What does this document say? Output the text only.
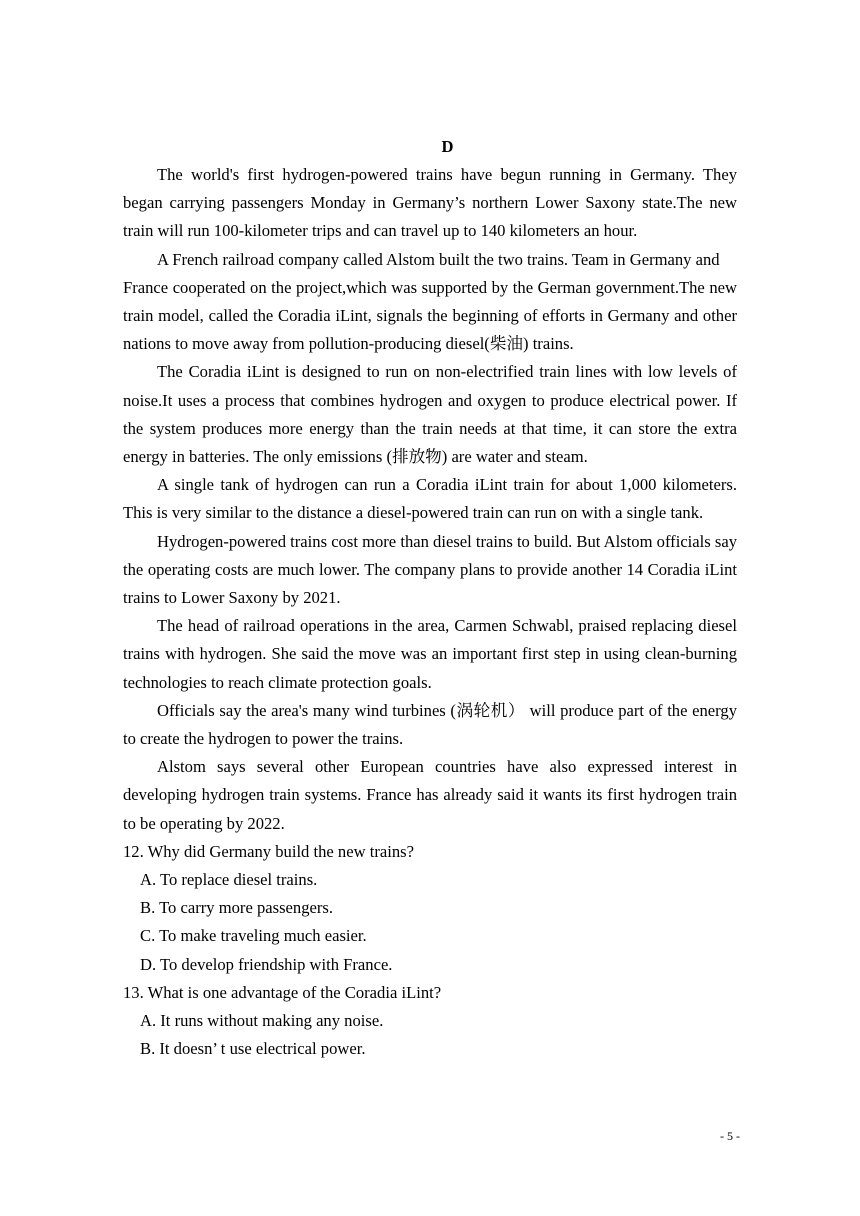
D

The world's first hydrogen-powered trains have begun running in Germany. They began carrying passengers Monday in Germany’s northern Lower Saxony state.The new train will run 100-kilometer trips and can travel up to 140 kilometers an hour.

A French railroad company called Alstom built the two trains. Team in Germany and

France cooperated on the project,which was supported by the German government.The new train model, called the Coradia iLint, signals the beginning of efforts in Germany and other nations to move away from pollution-producing diesel(柴油) trains.

The Coradia iLint is designed to run on non-electrified train lines with low levels of noise.It uses a process that combines hydrogen and oxygen to produce electrical power. If the system produces more energy than the train needs at that time, it can store the extra energy in batteries. The only emissions (排放物) are water and steam.

A single tank of hydrogen can run a Coradia iLint train for about 1,000 kilometers. This is very similar to the distance a diesel-powered train can run on with a single tank.

Hydrogen-powered trains cost more than diesel trains to build. But Alstom officials say the operating costs are much lower. The company plans to provide another 14 Coradia iLint trains to Lower Saxony by 2021.

The head of railroad operations in the area, Carmen Schwabl, praised replacing diesel trains with hydrogen. She said the move was an important first step in using clean-burning technologies to reach climate protection goals.

Officials say the area's many wind turbines (涡轮机） will produce part of the energy to create the hydrogen to power the trains.

Alstom says several other European countries have also expressed interest in developing hydrogen train systems. France has already said it wants its first hydrogen train to be operating by 2022.

12. Why did Germany build the new trains?

A. To replace diesel trains.

B. To carry more passengers.

C. To make traveling much easier.

D. To develop friendship with France.

13. What is one advantage of the Coradia iLint?

A. It runs without making any noise.

B. It doesn’ t use electrical power.

- 5 -
